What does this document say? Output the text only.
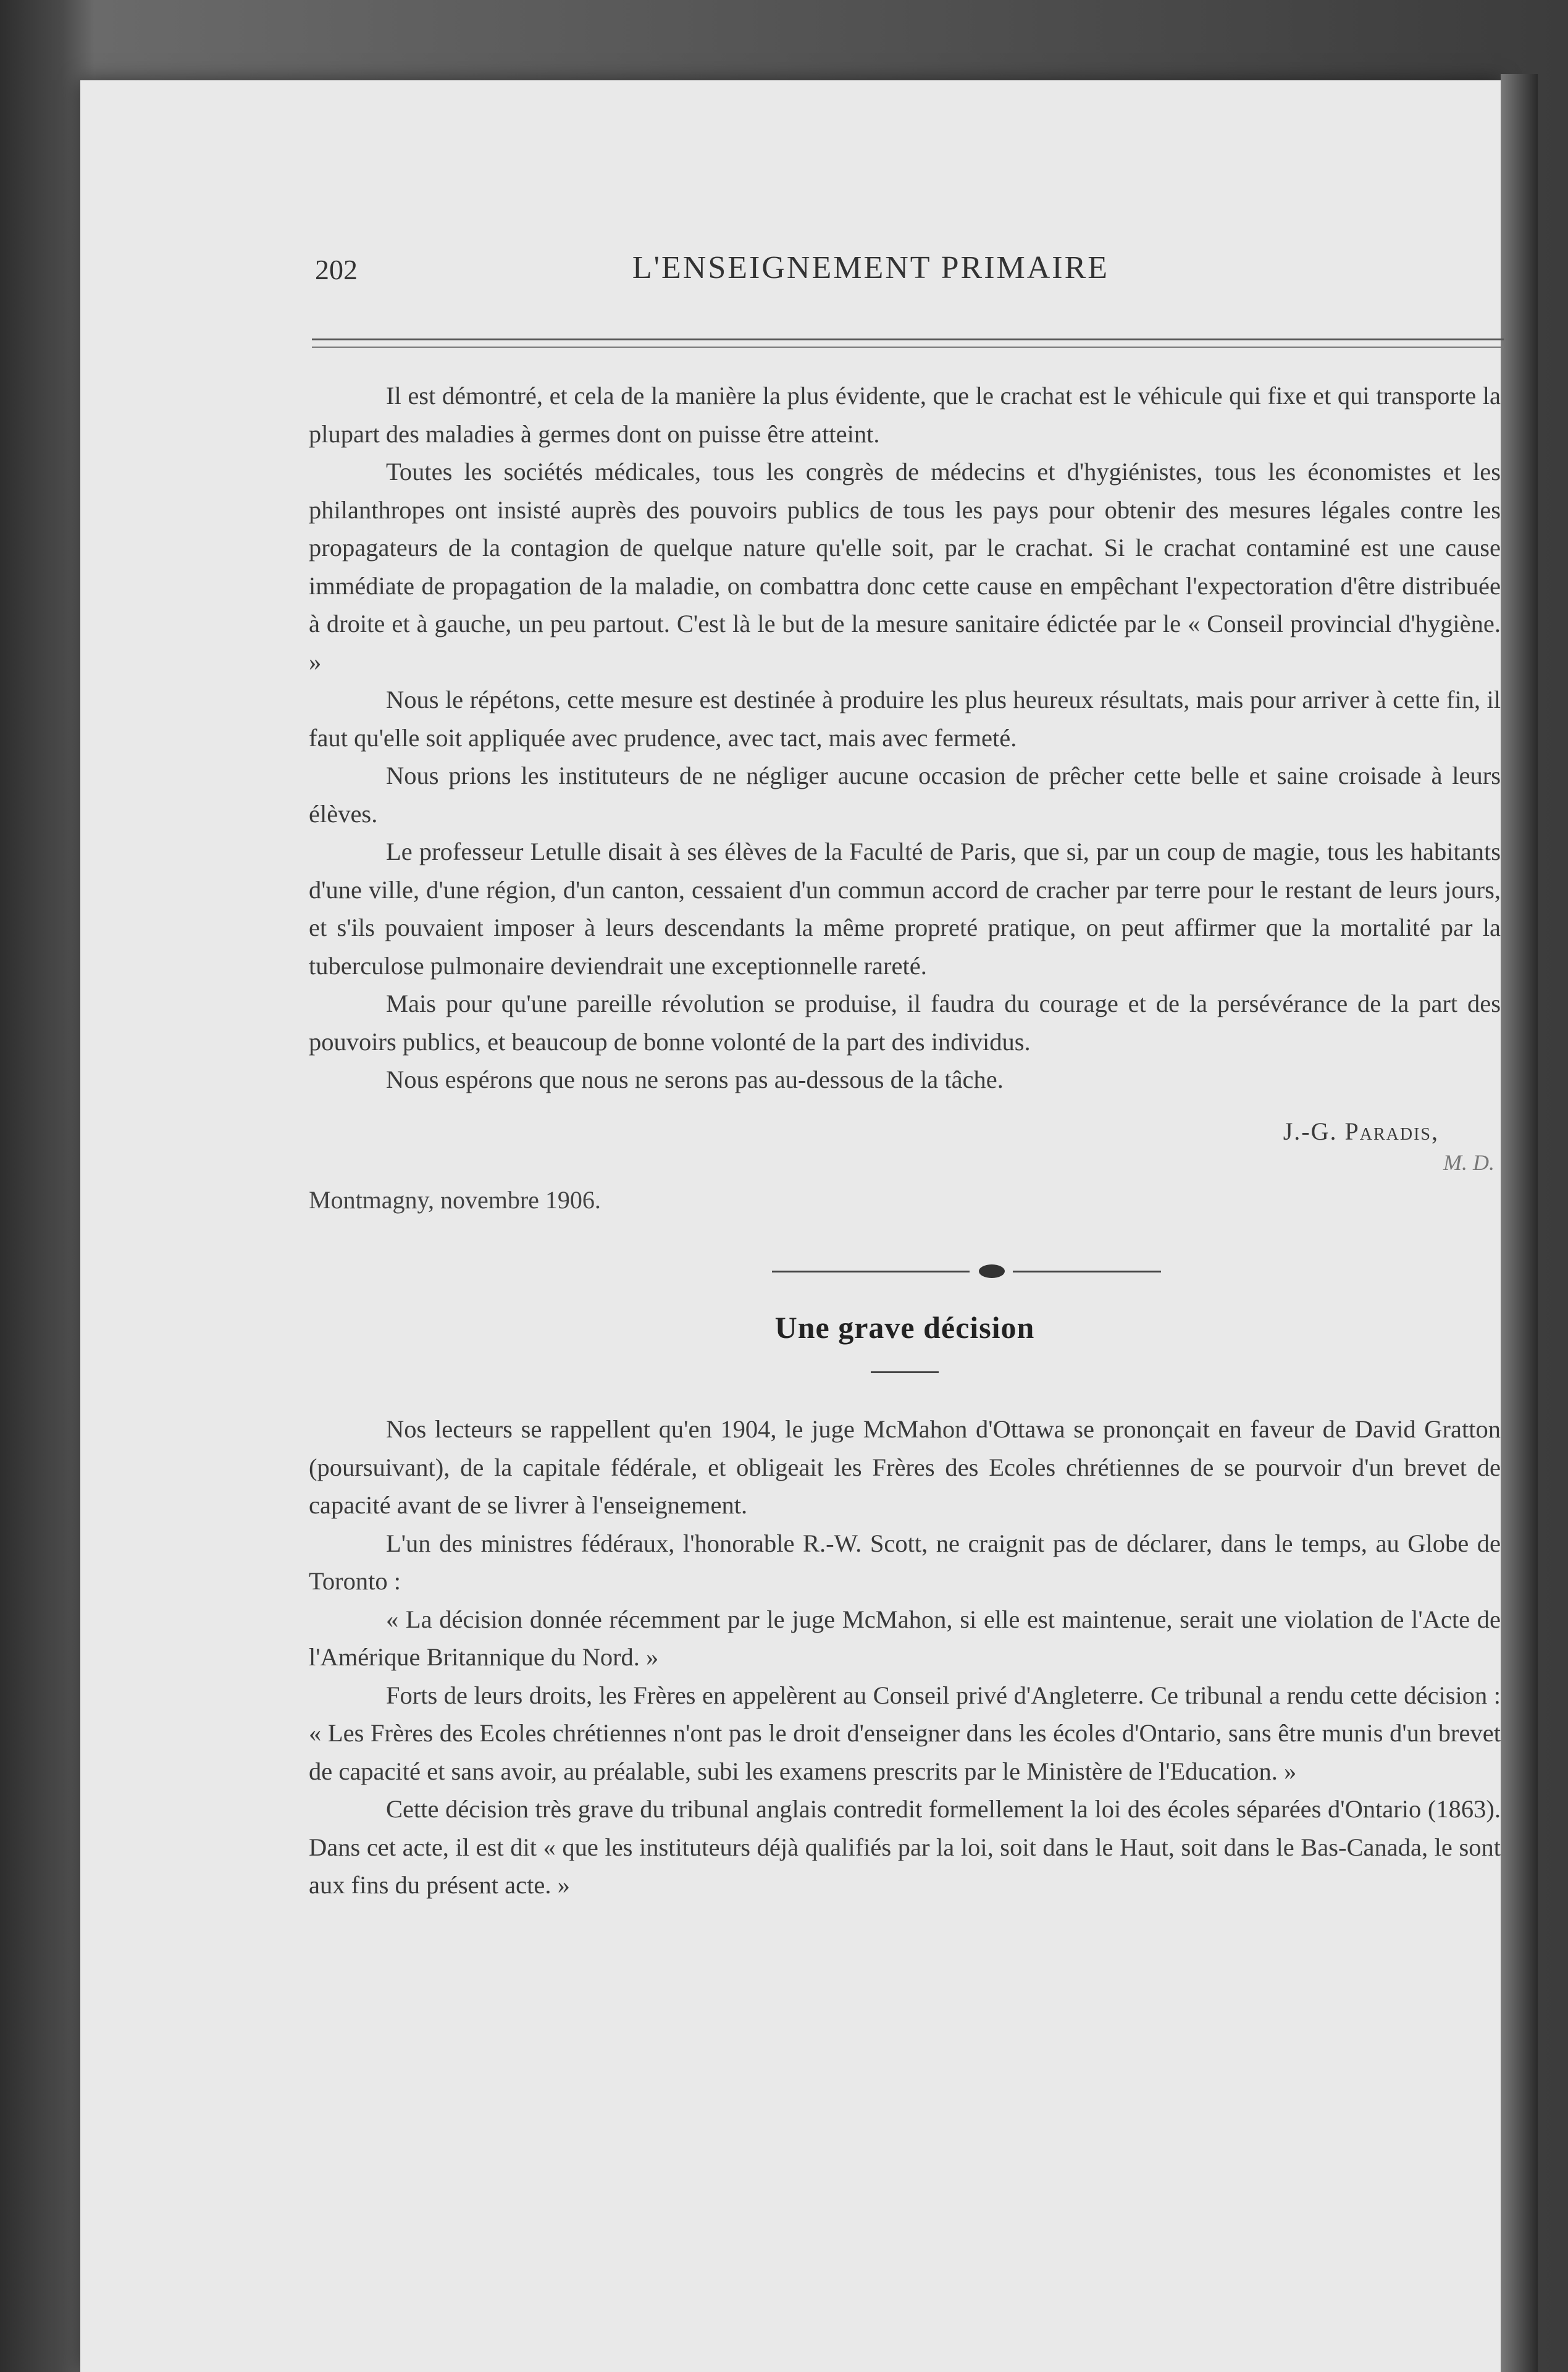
202	L'ENSEIGNEMENT PRIMAIRE

Il est démontré, et cela de la manière la plus évidente, que le crachat est le véhicule qui fixe et qui transporte la plupart des maladies à germes dont on puisse être atteint.

Toutes les sociétés médicales, tous les congrès de médecins et d'hygiénistes, tous les économistes et les philanthropes ont insisté auprès des pouvoirs publics de tous les pays pour obtenir des mesures légales contre les propagateurs de la contagion de quelque nature qu'elle soit, par le crachat. Si le crachat contaminé est une cause immédiate de propagation de la maladie, on combattra donc cette cause en empêchant l'expectoration d'être distribuée à droite et à gauche, un peu partout. C'est là le but de la mesure sanitaire édictée par le « Conseil provincial d'hygiène. »

Nous le répétons, cette mesure est destinée à produire les plus heureux résultats, mais pour arriver à cette fin, il faut qu'elle soit appliquée avec prudence, avec tact, mais avec fermeté.

Nous prions les instituteurs de ne négliger aucune occasion de prêcher cette belle et saine croisade à leurs élèves.

Le professeur Letulle disait à ses élèves de la Faculté de Paris, que si, par un coup de magie, tous les habitants d'une ville, d'une région, d'un canton, cessaient d'un commun accord de cracher par terre pour le restant de leurs jours, et s'ils pouvaient imposer à leurs descendants la même propreté pratique, on peut affirmer que la mortalité par la tuberculose pulmonaire deviendrait une exceptionnelle rareté.

Mais pour qu'une pareille révolution se produise, il faudra du courage et de la persévérance de la part des pouvoirs publics, et beaucoup de bonne volonté de la part des individus.

Nous espérons que nous ne serons pas au-dessous de la tâche.

J.-G. Paradis,
M. D.
Montmagny, novembre 1906.
Une grave décision

Nos lecteurs se rappellent qu'en 1904, le juge McMahon d'Ottawa se prononçait en faveur de David Gratton (poursuivant), de la capitale fédérale, et obligeait les Frères des Ecoles chrétiennes de se pourvoir d'un brevet de capacité avant de se livrer à l'enseignement.

L'un des ministres fédéraux, l'honorable R.-W. Scott, ne craignit pas de déclarer, dans le temps, au Globe de Toronto :

« La décision donnée récemment par le juge McMahon, si elle est maintenue, serait une violation de l'Acte de l'Amérique Britannique du Nord. »

Forts de leurs droits, les Frères en appelèrent au Conseil privé d'Angleterre. Ce tribunal a rendu cette décision : « Les Frères des Ecoles chrétiennes n'ont pas le droit d'enseigner dans les écoles d'Ontario, sans être munis d'un brevet de capacité et sans avoir, au préalable, subi les examens prescrits par le Ministère de l'Education. »

Cette décision très grave du tribunal anglais contredit formellement la loi des écoles séparées d'Ontario (1863). Dans cet acte, il est dit « que les instituteurs déjà qualifiés par la loi, soit dans le Haut, soit dans le Bas-Canada, le sont aux fins du présent acte. »
